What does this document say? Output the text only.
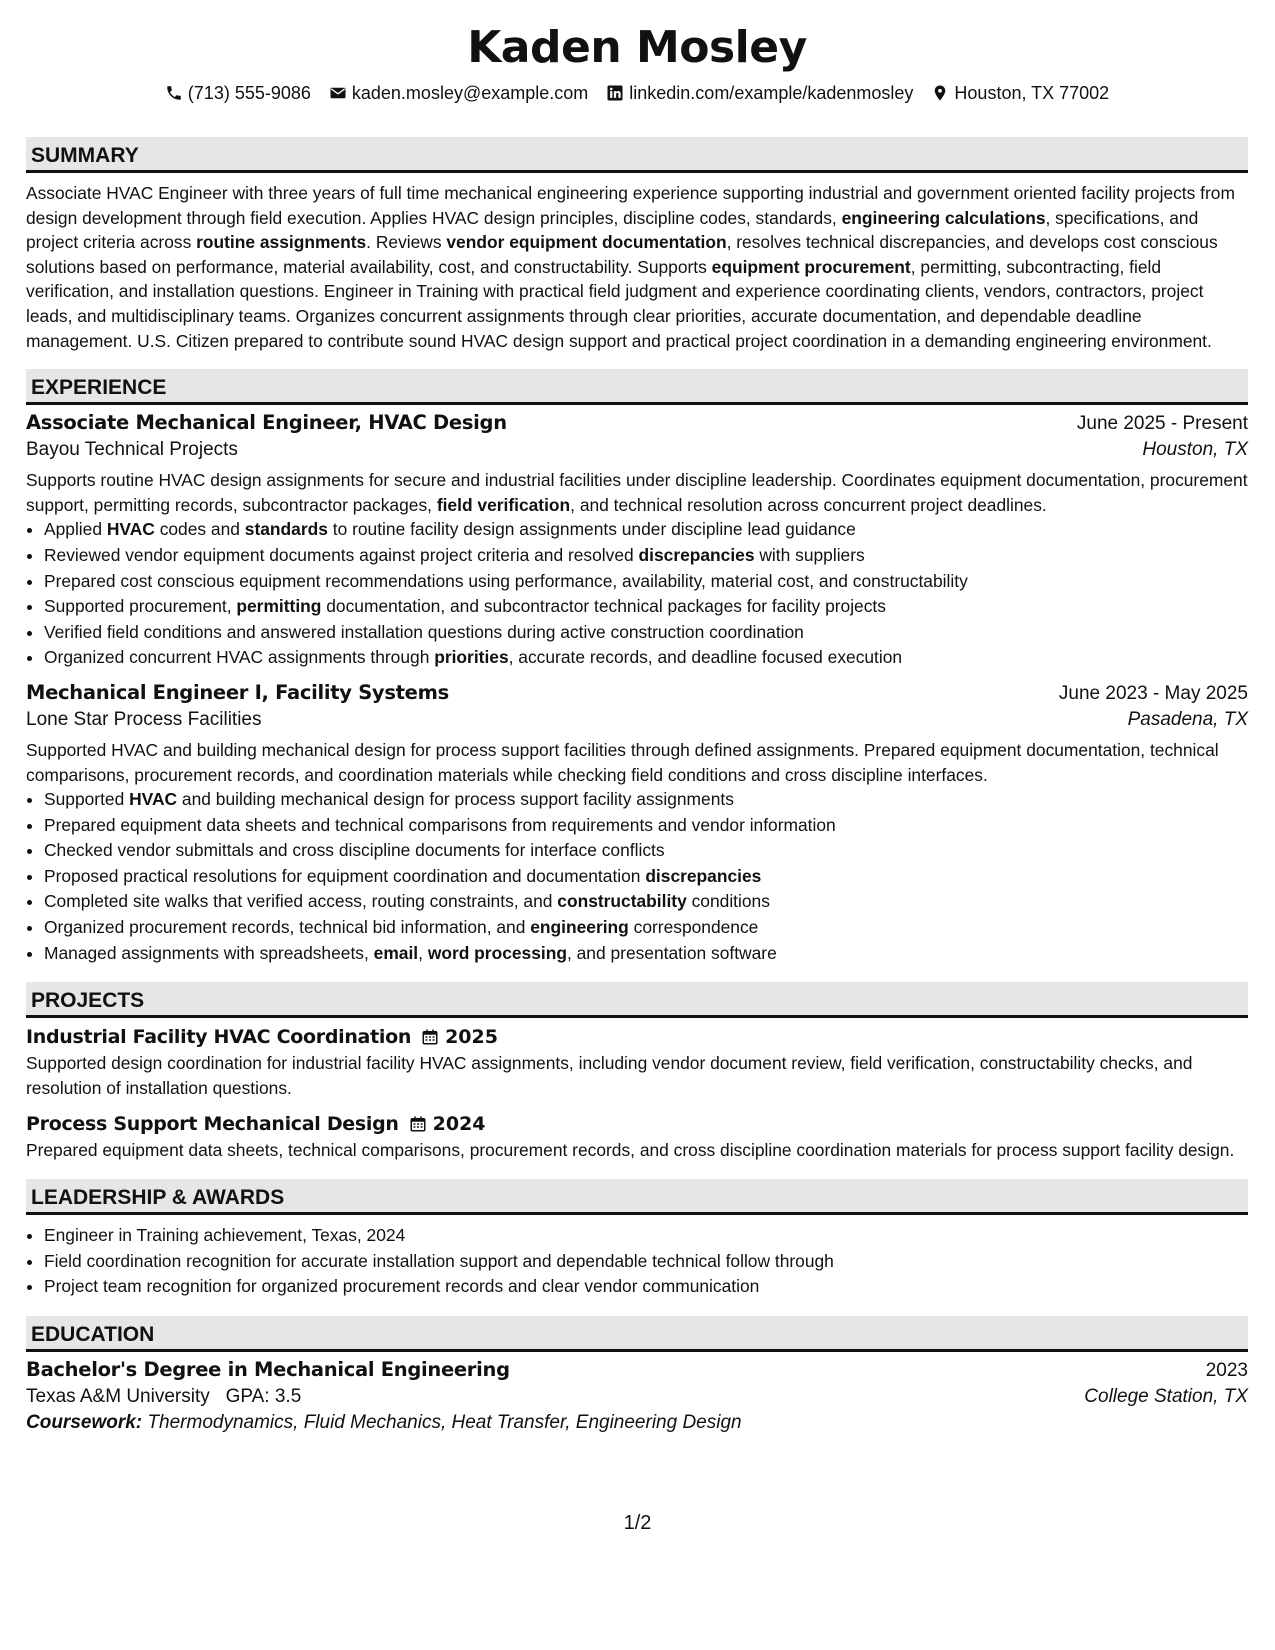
Kaden Mosley
(713) 555-9086 kaden.mosley@example.com linkedin.com/example/kadenmosley Houston, TX 77002
SUMMARY

Associate HVAC Engineer with three years of full time mechanical engineering experience supporting industrial and government oriented facility projects from design development through field execution. Applies HVAC design principles, discipline codes, standards, engineering calculations, specifications, and project criteria across routine assignments. Reviews vendor equipment documentation, resolves technical discrepancies, and develops cost conscious solutions based on performance, material availability, cost, and constructability. Supports equipment procurement, permitting, subcontracting, field verification, and installation questions. Engineer in Training with practical field judgment and experience coordinating clients, vendors, contractors, project leads, and multidisciplinary teams. Organizes concurrent assignments through clear priorities, accurate documentation, and dependable deadline management. U.S. Citizen prepared to contribute sound HVAC design support and practical project coordination in a demanding engineering environment.

EXPERIENCE
Associate Mechanical Engineer, HVAC Design	June 2025 - Present
Bayou Technical Projects	Houston, TX

Supports routine HVAC design assignments for secure and industrial facilities under discipline leadership. Coordinates equipment documentation, procurement support, permitting records, subcontractor packages, field verification, and technical resolution across concurrent project deadlines.

• Applied HVAC codes and standards to routine facility design assignments under discipline lead guidance
• Reviewed vendor equipment documents against project criteria and resolved discrepancies with suppliers
• Prepared cost conscious equipment recommendations using performance, availability, material cost, and constructability
• Supported procurement, permitting documentation, and subcontractor technical packages for facility projects
• Verified field conditions and answered installation questions during active construction coordination
• Organized concurrent HVAC assignments through priorities, accurate records, and deadline focused execution
Mechanical Engineer I, Facility Systems	June 2023 - May 2025
Lone Star Process Facilities	Pasadena, TX

Supported HVAC and building mechanical design for process support facilities through defined assignments. Prepared equipment documentation, technical comparisons, procurement records, and coordination materials while checking field conditions and cross discipline interfaces.

• Supported HVAC and building mechanical design for process support facility assignments
• Prepared equipment data sheets and technical comparisons from requirements and vendor information
• Checked vendor submittals and cross discipline documents for interface conflicts
• Proposed practical resolutions for equipment coordination and documentation discrepancies
• Completed site walks that verified access, routing constraints, and constructability conditions
• Organized procurement records, technical bid information, and engineering correspondence
• Managed assignments with spreadsheets, email, word processing, and presentation software
PROJECTS
Industrial Facility HVAC Coordination 2025

Supported design coordination for industrial facility HVAC assignments, including vendor document review, field verification, constructability checks, and resolution of installation questions.

Process Support Mechanical Design 2024

Prepared equipment data sheets, technical comparisons, procurement records, and cross discipline coordination materials for process support facility design.

LEADERSHIP & AWARDS
• Engineer in Training achievement, Texas, 2024
• Field coordination recognition for accurate installation support and dependable technical follow through
• Project team recognition for organized procurement records and clear vendor communication
EDUCATION
Bachelor's Degree in Mechanical Engineering	2023
Texas A&M University GPA: 3.5	College Station, TX
Coursework: Thermodynamics, Fluid Mechanics, Heat Transfer, Engineering Design
1/2
